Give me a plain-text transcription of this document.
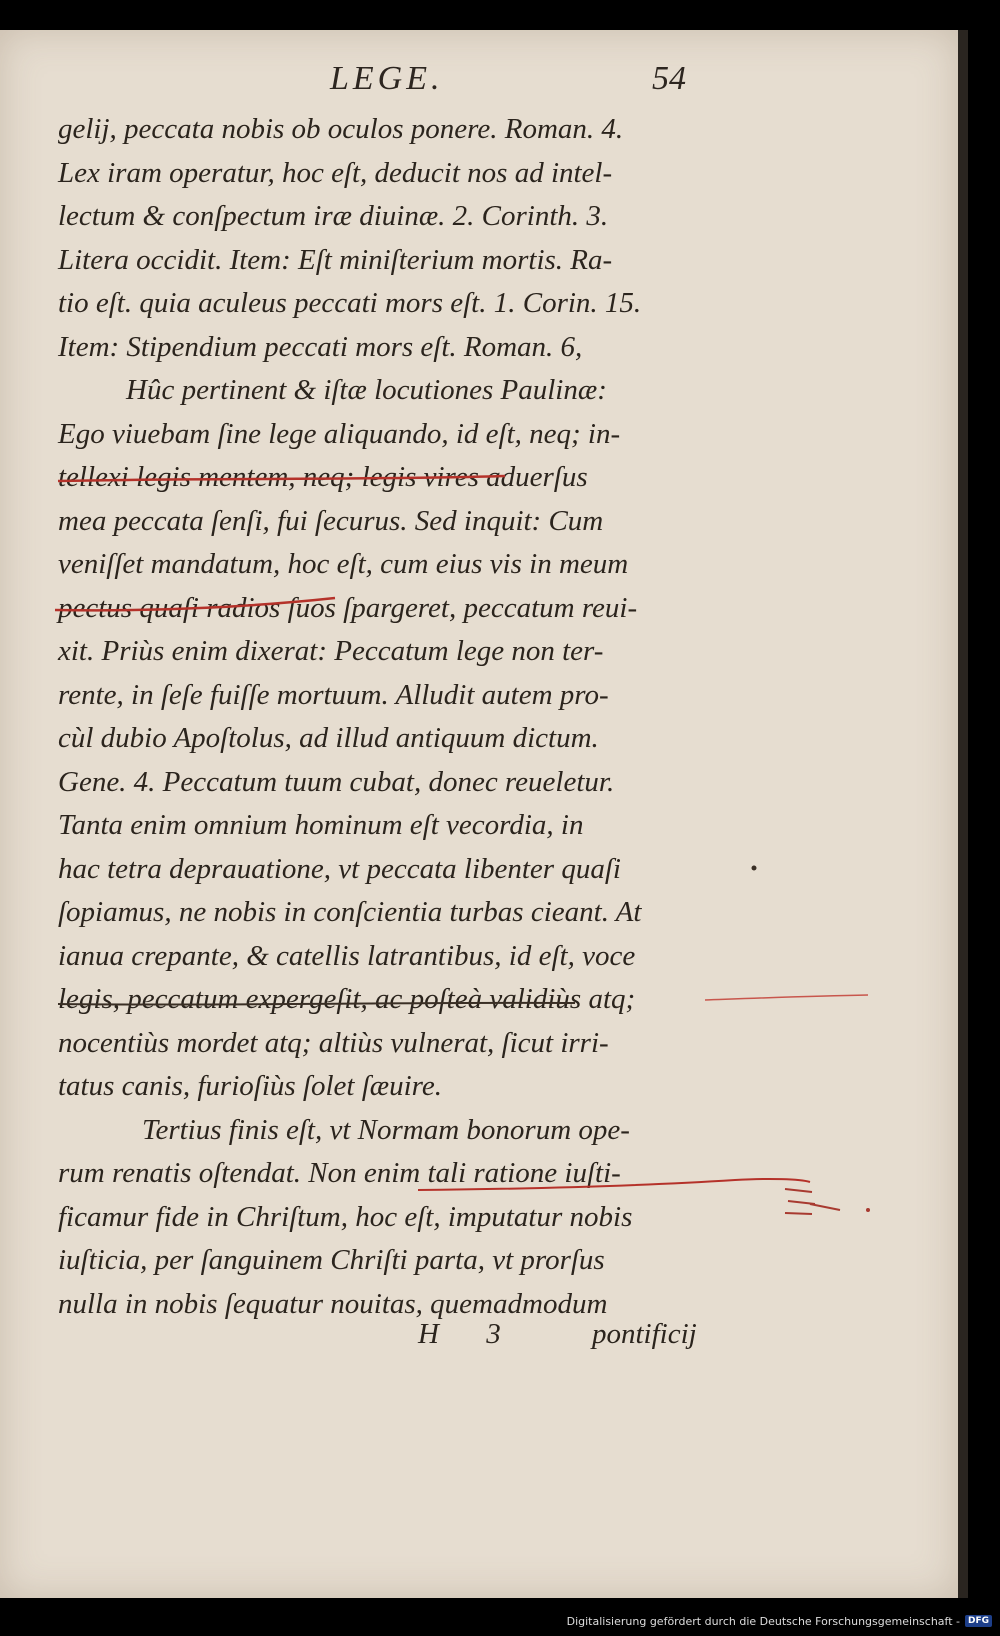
LEGE.	54
gelij, peccata nobis ob oculos ponere. Roman. 4.
Lex iram operatur, hoc eſt, deducit nos ad intel-
lectum & conſpectum iræ diuinæ. 2. Corinth. 3.
Litera occidit. Item: Eſt miniſterium mortis. Ra-
tio eſt. quia aculeus peccati mors eſt. 1. Corin. 15.
Item: Stipendium peccati mors eſt. Roman. 6,
Hûc pertinent & iſtæ locutiones Paulinæ:
Ego viuebam ſine lege aliquando, id eſt, neq; in-
tellexi legis mentem, neq; legis vires aduerſus
mea peccata ſenſi, fui ſecurus. Sed inquit: Cum
veniſſet mandatum, hoc eſt, cum eius vis in meum
pectus quaſi radios ſuos ſpargeret, peccatum reui-
xit. Priùs enim dixerat: Peccatum lege non ter-
rente, in ſeſe fuiſſe mortuum. Alludit autem pro-
cùl dubio Apoſtolus, ad illud antiquum dictum.
Gene. 4. Peccatum tuum cubat, donec reueletur.
Tanta enim omnium hominum eſt vecordia, in
hac tetra deprauatione, vt peccata libenter quaſi
ſopiamus, ne nobis in conſcientia turbas cieant. At
ianua crepante, & catellis latrantibus, id eſt, voce
legis, peccatum expergeſit, ac poſteà validiùs atq;
nocentiùs mordet atq; altiùs vulnerat, ſicut irri-
tatus canis, furioſiùs ſolet ſæuire.
Tertius finis eſt, vt Normam bonorum ope-
rum renatis oſtendat. Non enim tali ratione iuſti-
ficamur fide in Chriſtum, hoc eſt, imputatur nobis
iuſticia, per ſanguinem Chriſti parta, vt prorſus
nulla in nobis ſequatur nouitas, quemadmodum
H 3 pontificij
Digitalisierung gefördert durch die Deutsche Forschungsgemeinschaft - DFG
